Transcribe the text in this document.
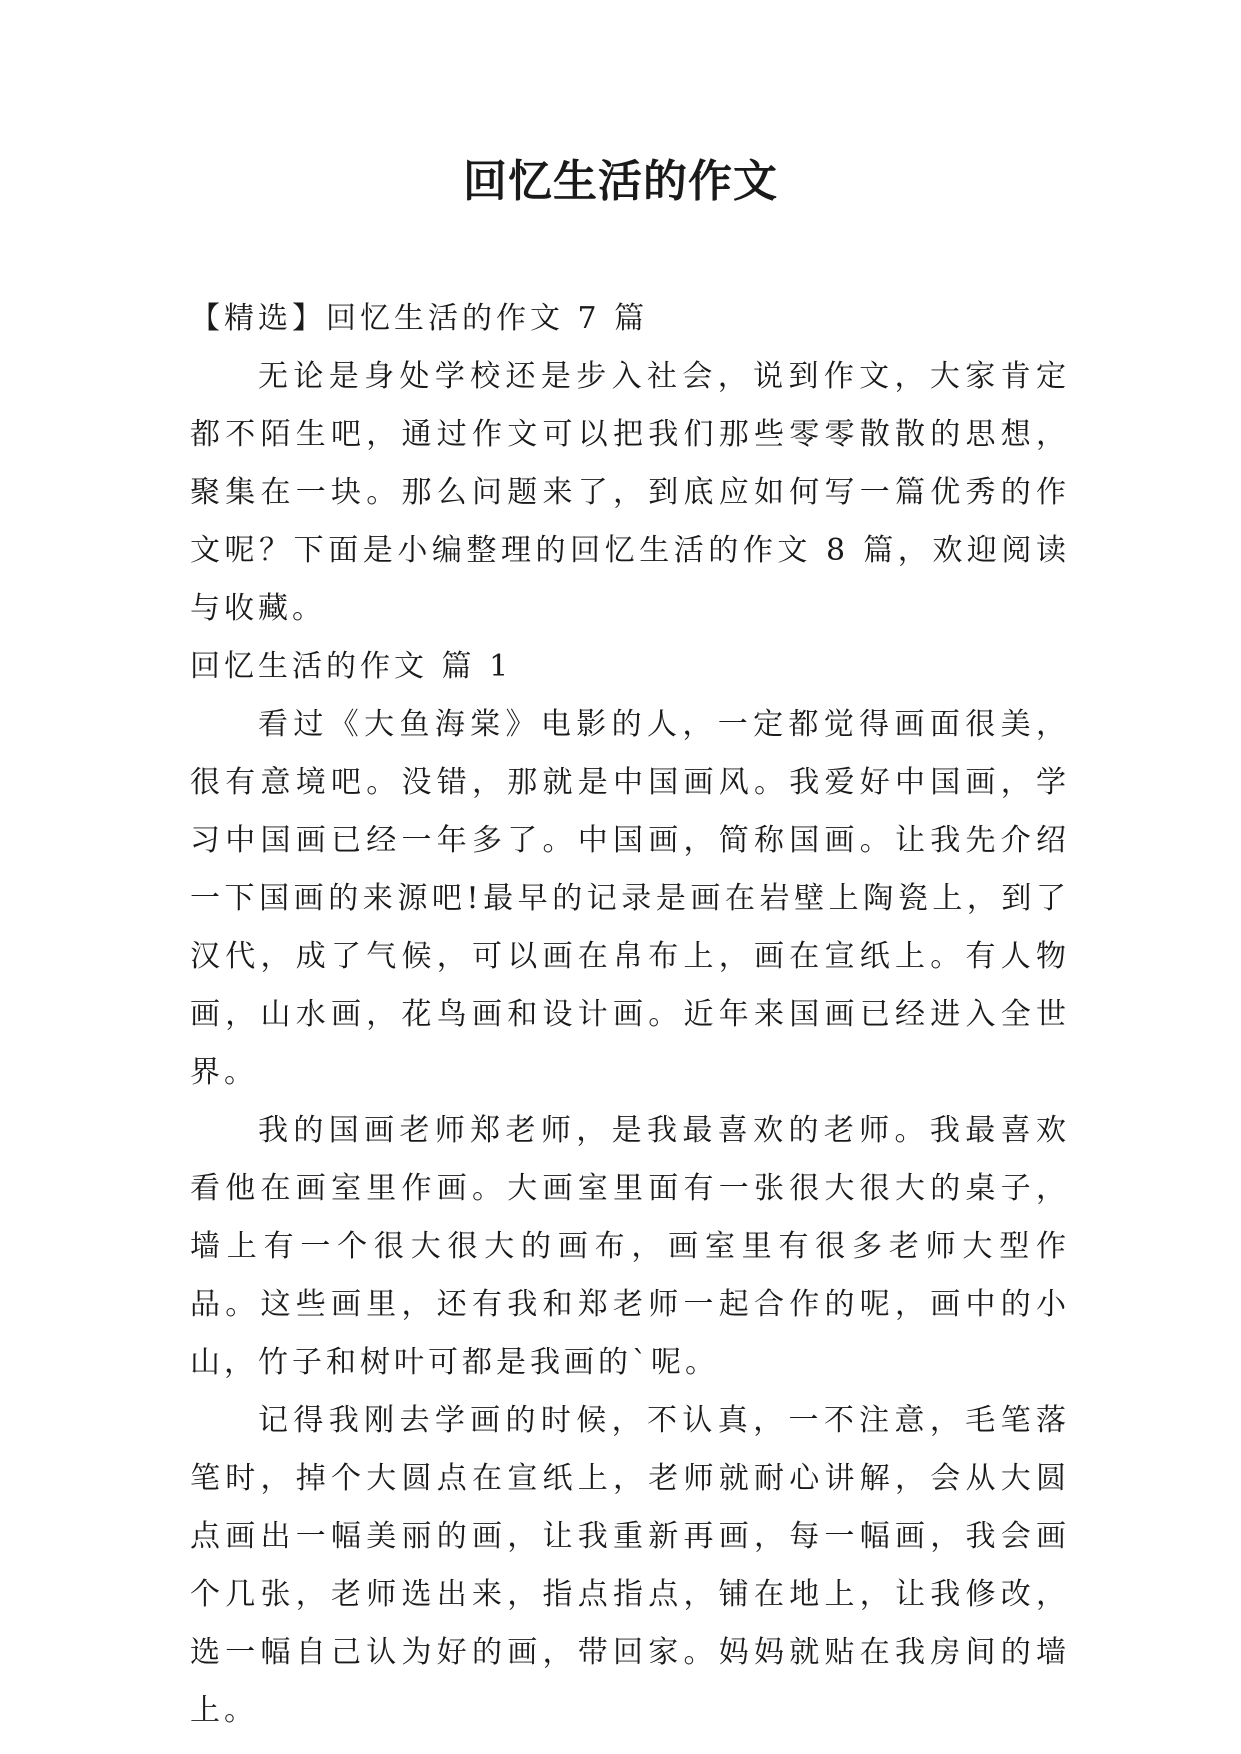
回忆生活的作文

【精选】回忆生活的作文 7 篇

无论是身处学校还是步入社会，说到作文，大家肯定都不陌生吧，通过作文可以把我们那些零零散散的思想，聚集在一块。那么问题来了，到底应如何写一篇优秀的作文呢？下面是小编整理的回忆生活的作文 8 篇，欢迎阅读与收藏。

回忆生活的作文 篇 1

看过《大鱼海棠》电影的人，一定都觉得画面很美，很有意境吧。没错，那就是中国画风。我爱好中国画，学习中国画已经一年多了。中国画，简称国画。让我先介绍一下国画的来源吧!最早的记录是画在岩壁上陶瓷上，到了汉代，成了气候，可以画在帛布上，画在宣纸上。有人物画，山水画，花鸟画和设计画。近年来国画已经进入全世界。

我的国画老师郑老师，是我最喜欢的老师。我最喜欢看他在画室里作画。大画室里面有一张很大很大的桌子，墙上有一个很大很大的画布，画室里有很多老师大型作品。这些画里，还有我和郑老师一起合作的呢，画中的小山，竹子和树叶可都是我画的`呢。

记得我刚去学画的时候，不认真，一不注意，毛笔落笔时，掉个大圆点在宣纸上，老师就耐心讲解，会从大圆点画出一幅美丽的画，让我重新再画，每一幅画，我会画个几张，老师选出来，指点指点，铺在地上，让我修改，选一幅自己认为好的画，带回家。妈妈就贴在我房间的墙上。
